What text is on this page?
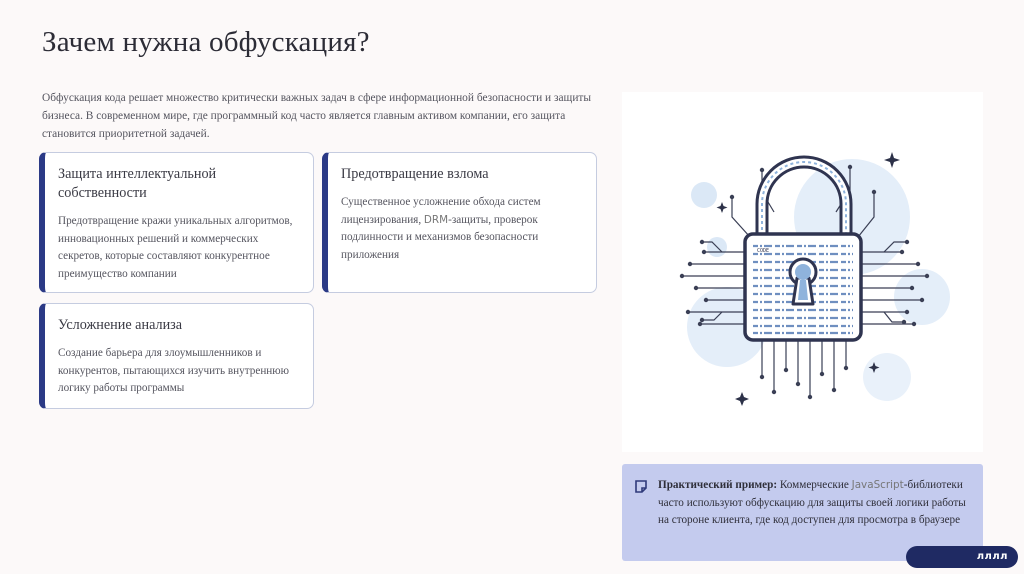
Зачем нужна обфускация?
Обфускация кода решает множество критически важных задач в сфере информационной безопасности и защиты бизнеса. В современном мире, где программный код часто является главным активом компании, его защита становится приоритетной задачей.
Защита интеллектуальной собственности

Предотвращение кражи уникальных алгоритмов, инновационных решений и коммерческих секретов, которые составляют конкурентное преимущество компании

Предотвращение взлома

Существенное усложнение обхода систем лицензирования, DRM-защиты, проверок подлинности и механизмов безопасности приложения

Усложнение анализа

Создание барьера для злоумышленников и конкурентов, пытающихся изучить внутреннюю логику работы программы

CODE
Практический пример: Коммерческие JavaScript-библиотеки часто используют обфускацию для защиты своей логики работы на стороне клиента, где код доступен для просмотра в браузере
лллл
